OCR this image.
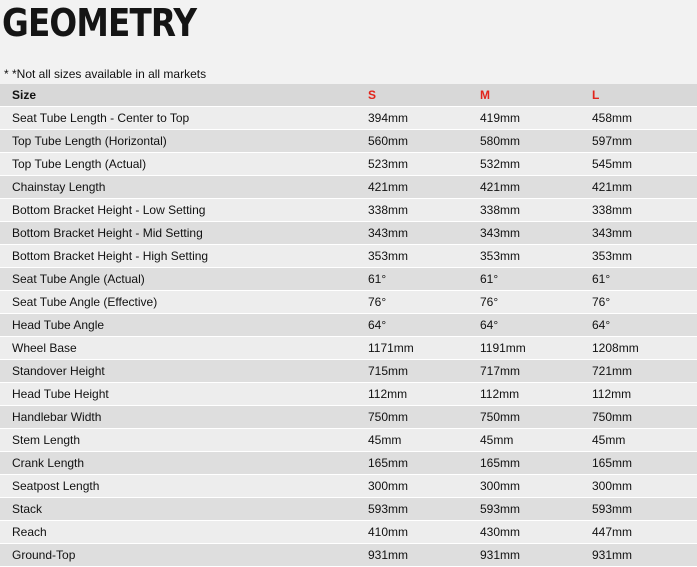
GEOMETRY
* *Not all sizes available in all markets
Size	S	M	L
Seat Tube Length - Center to Top	394mm	419mm	458mm
Top Tube Length (Horizontal)	560mm	580mm	597mm
Top Tube Length (Actual)	523mm	532mm	545mm
Chainstay Length	421mm	421mm	421mm
Bottom Bracket Height - Low Setting	338mm	338mm	338mm
Bottom Bracket Height - Mid Setting	343mm	343mm	343mm
Bottom Bracket Height - High Setting	353mm	353mm	353mm
Seat Tube Angle (Actual)	61°	61°	61°
Seat Tube Angle (Effective)	76°	76°	76°
Head Tube Angle	64°	64°	64°
Wheel Base	1171mm	1191mm	1208mm
Standover Height	715mm	717mm	721mm
Head Tube Height	112mm	112mm	112mm
Handlebar Width	750mm	750mm	750mm
Stem Length	45mm	45mm	45mm
Crank Length	165mm	165mm	165mm
Seatpost Length	300mm	300mm	300mm
Stack	593mm	593mm	593mm
Reach	410mm	430mm	447mm
Ground-Top	931mm	931mm	931mm
